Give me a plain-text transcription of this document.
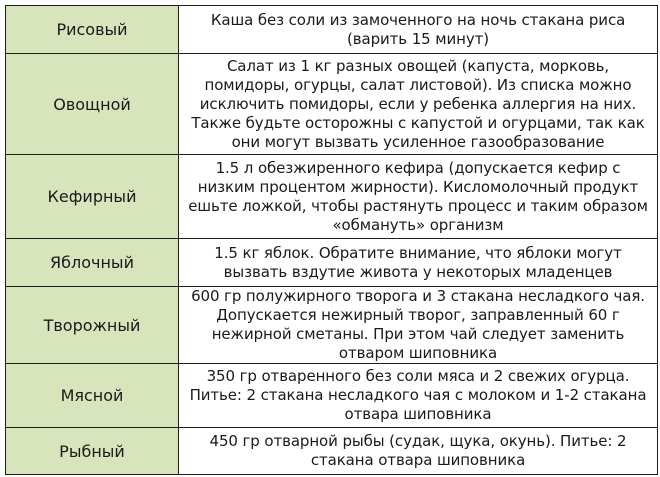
Рисовый	Каша без соли из замоченного на ночь стакана риса (варить 15 минут)
Овощной	Салат из 1 кг разных овощей (капуста, морковь, помидоры, огурцы, салат листовой). Из списка можно исключить помидоры, если у ребенка аллергия на них. Также будьте осторожны с капустой и огурцами, так как они могут вызвать усиленное газообразование
Кефирный	1.5 л обезжиренного кефира (допускается кефир с низким процентом жирности). Кисломолочный продукт ешьте ложкой, чтобы растянуть процесс и таким образом «обмануть» организм
Яблочный	1.5 кг яблок. Обратите внимание, что яблоки могут вызвать вздутие живота у некоторых младенцев
Творожный	600 гр полужирного творога и 3 стакана несладкого чая. Допускается нежирный творог, заправленный 60 г нежирной сметаны. При этом чай следует заменить отваром шиповника
Мясной	350 гр отваренного без соли мяса и 2 свежих огурца. Питье: 2 стакана несладкого чая с молоком и 1-2 стакана отвара шиповника
Рыбный	450 гр отварной рыбы (судак, щука, окунь). Питье: 2 стакана отвара шиповника
